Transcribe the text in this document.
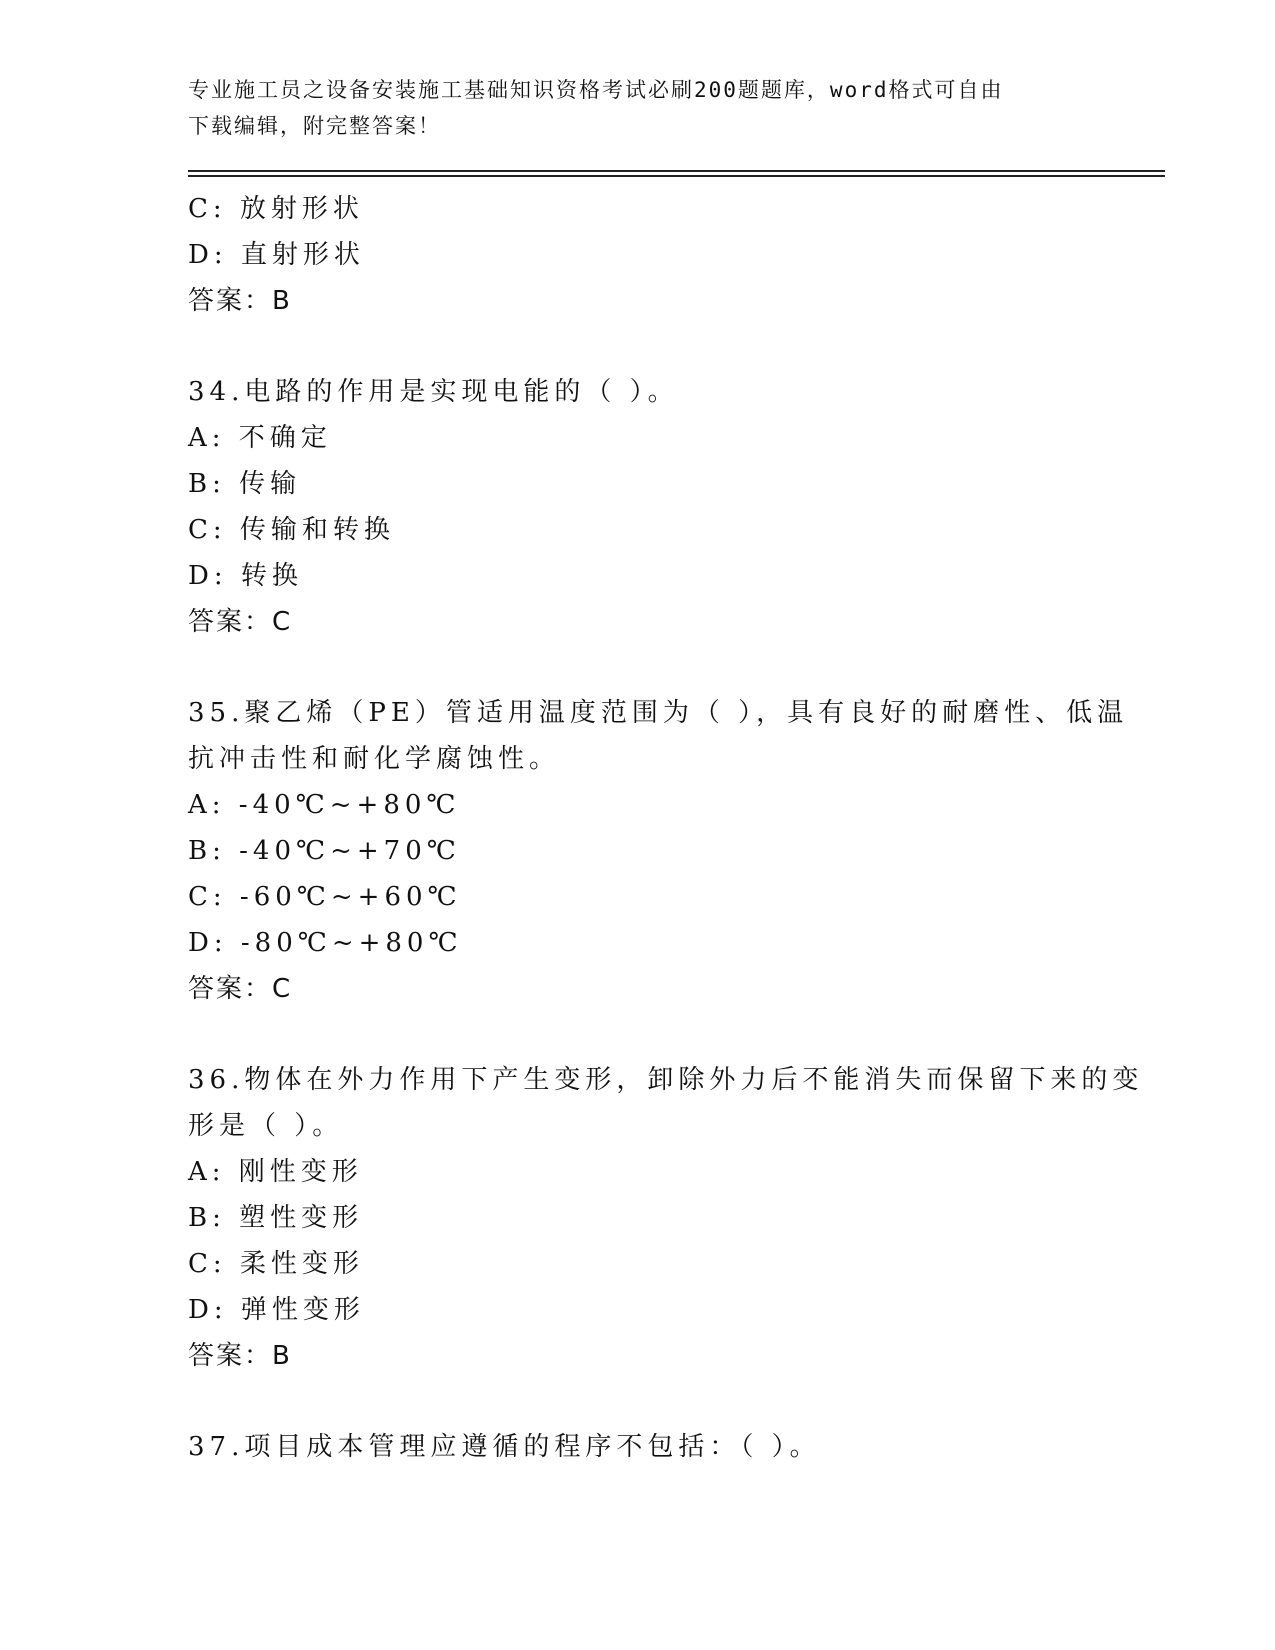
专业施工员之设备安装施工基础知识资格考试必刷200题题库，word格式可自由
下载编辑，附完整答案！
C: 放射形状
D: 直射形状
答案：B
34.电路的作用是实现电能的（ ）。
A: 不确定
B: 传输
C: 传输和转换
D: 转换
答案：C
35.聚乙烯（PE）管适用温度范围为（ ），具有良好的耐磨性、低温
抗冲击性和耐化学腐蚀性。
A: -40℃~+80℃
B: -40℃~+70℃
C: -60℃~+60℃
D: -80℃~+80℃
答案：C
36.物体在外力作用下产生变形，卸除外力后不能消失而保留下来的变
形是（ ）。
A: 刚性变形
B: 塑性变形
C: 柔性变形
D: 弹性变形
答案：B
37.项目成本管理应遵循的程序不包括：（ ）。
